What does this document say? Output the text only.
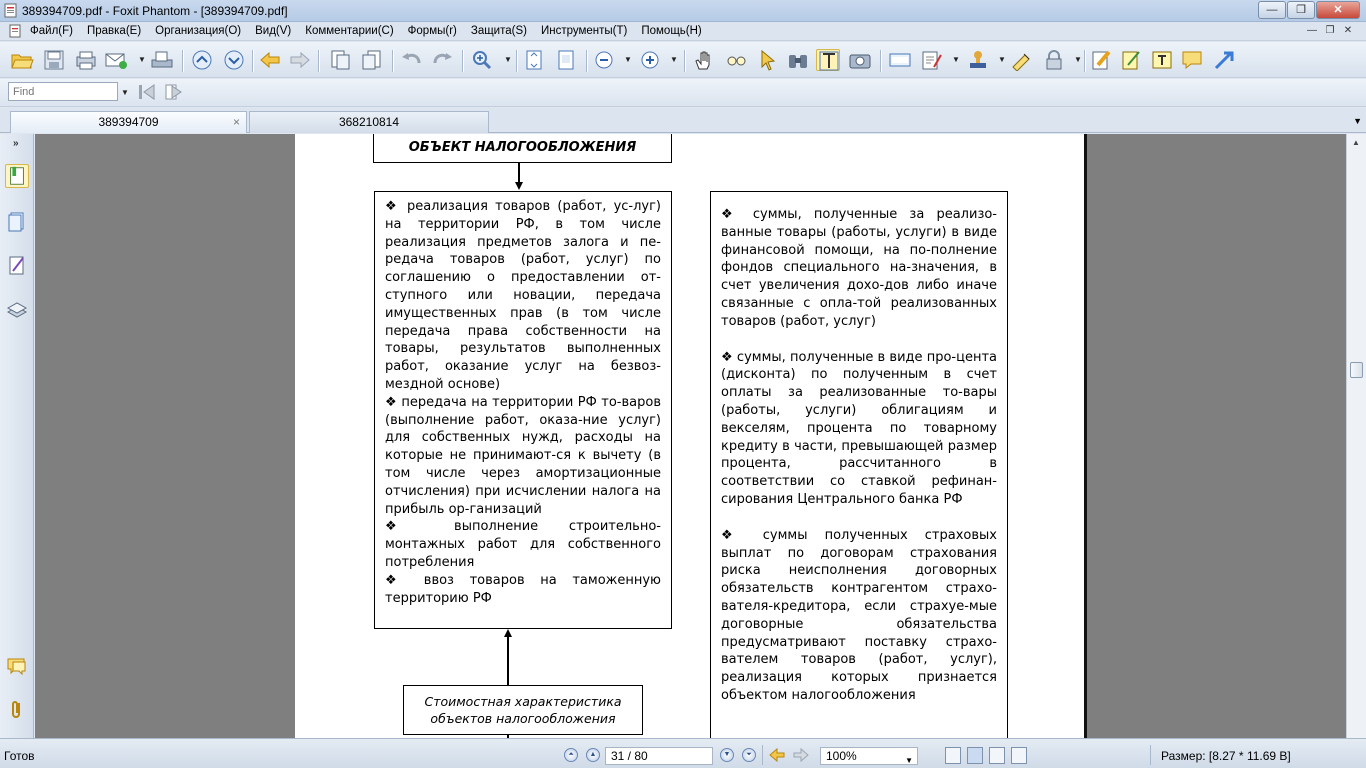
389394709.pdf - Foxit Phantom - [389394709.pdf]	—	❐	✕
Файл(F) Правка(E) Организация(O) Вид(V) Комментарии(C) Формы(r) Защита(S) Инструменты(T) Помощь(H)	— ❐ ✕
▼	▼	▼	▼	▼	▼	▼
Find
▼
389394709	×	368210814	▼
»	ОБЪЕКТ НАЛОГООБЛОЖЕНИЯ

❖ реализация товаров (работ, ус-луг) на территории РФ, в том числе реализация предметов залога и пе-редача товаров (работ, услуг) по соглашению о предоставлении от-ступного или новации, передача имущественных прав (в том числе передача права собственности на товары, результатов выполненных работ, оказание услуг на безвоз-мездной основе)

❖ передача на территории РФ то-варов (выполнение работ, оказа-ние услуг) для собственных нужд, расходы на которые не принимают-ся к вычету (в том числе через амортизационные отчисления) при исчислении налога на прибыль ор-ганизаций

❖ выполнение строительно-монтажных работ для собственного потребления

❖ ввоз товаров на таможенную территорию РФ

❖ суммы, полученные за реализо-ванные товары (работы, услуги) в виде финансовой помощи, на по-полнение фондов специального на-значения, в счет увеличения дохо-дов либо иначе связанные с опла-той реализованных товаров (работ, услуг)

❖ суммы, полученные в виде про-цента (дисконта) по полученным в счет оплаты за реализованные то-вары (работы, услуги) облигациям и векселям, процента по товарному кредиту в части, превышающей размер процента, рассчитанного в соответствии со ставкой рефинан-сирования Центрального банка РФ

❖ суммы полученных страховых выплат по договорам страхования риска неисполнения договорных обязательств контрагентом страхо-вателя-кредитора, если страхуе-мые договорные обязательства предусматривают поставку страхо-вателем товаров (работ, услуг), реализация которых признается объектом налогообложения

Стоимостная характеристика
объектов налогообложения
▲
Готов	⏶	▲	31 / 80	▼	⏷	100%	▼	Размер: [8.27 * 11.69 B]
